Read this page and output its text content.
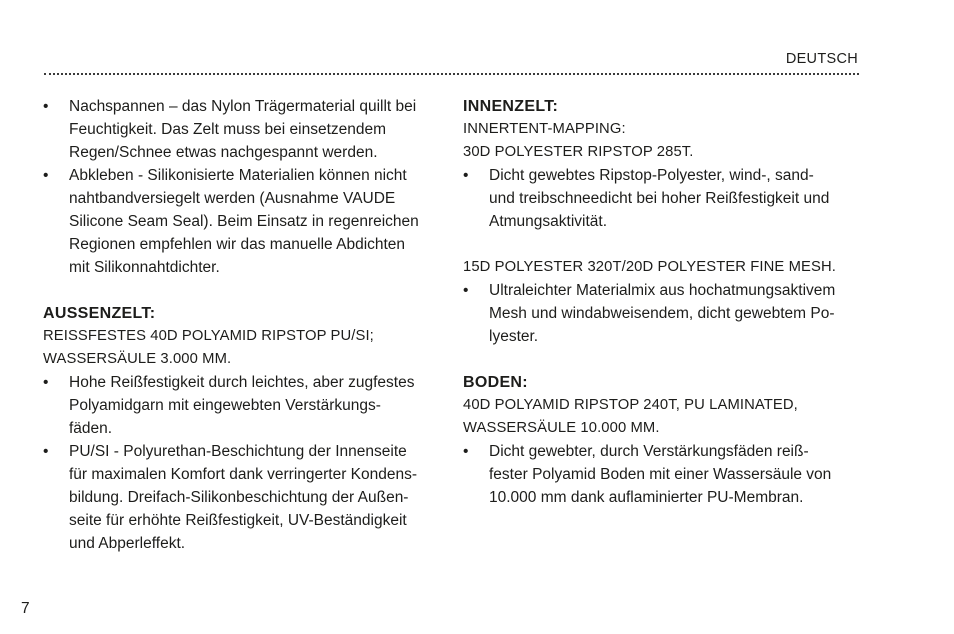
DEUTSCH
• Nachspannen – das Nylon Trägermaterial quillt bei
Feuchtigkeit. Das Zelt muss bei einsetzendem
Regen/Schnee etwas nachgespannt werden.
• Abkleben - Silikonisierte Materialien können nicht
nahtbandversiegelt werden (Ausnahme VAUDE
Silicone Seam Seal). Beim Einsatz in regenreichen
Regionen empfehlen wir das manuelle Abdichten
mit Silikonnahtdichter.
AUSSENZELT:
REISSFESTES 40D POLYAMID RIPSTOP PU/SI;
WASSERSÄULE 3.000 MM.
• Hohe Reißfestigkeit durch leichtes, aber zugfestes
Polyamidgarn mit eingewebten Verstärkungs-
fäden.
• PU/SI - Polyurethan-Beschichtung der Innenseite
für maximalen Komfort dank verringerter Kondens-
bildung. Dreifach-Silikonbeschichtung der Außen-
seite für erhöhte Reißfestigkeit, UV-Beständigkeit
und Abperleffekt.
INNENZELT:
INNERTENT-MAPPING:
30D POLYESTER RIPSTOP 285T.
• Dicht gewebtes Ripstop-Polyester, wind-, sand-
und treibschneedicht bei hoher Reißfestigkeit und
Atmungsaktivität.
15D POLYESTER 320T/20D POLYESTER FINE MESH.
• Ultraleichter Materialmix aus hochatmungsaktivem
Mesh und windabweisendem, dicht gewebtem Po-
lyester.
BODEN:
40D POLYAMID RIPSTOP 240T, PU LAMINATED,
WASSERSÄULE 10.000 MM.
• Dicht gewebter, durch Verstärkungsfäden reiß-
fester Polyamid Boden mit einer Wassersäule von
10.000 mm dank auflaminierter PU-Membran.
7
